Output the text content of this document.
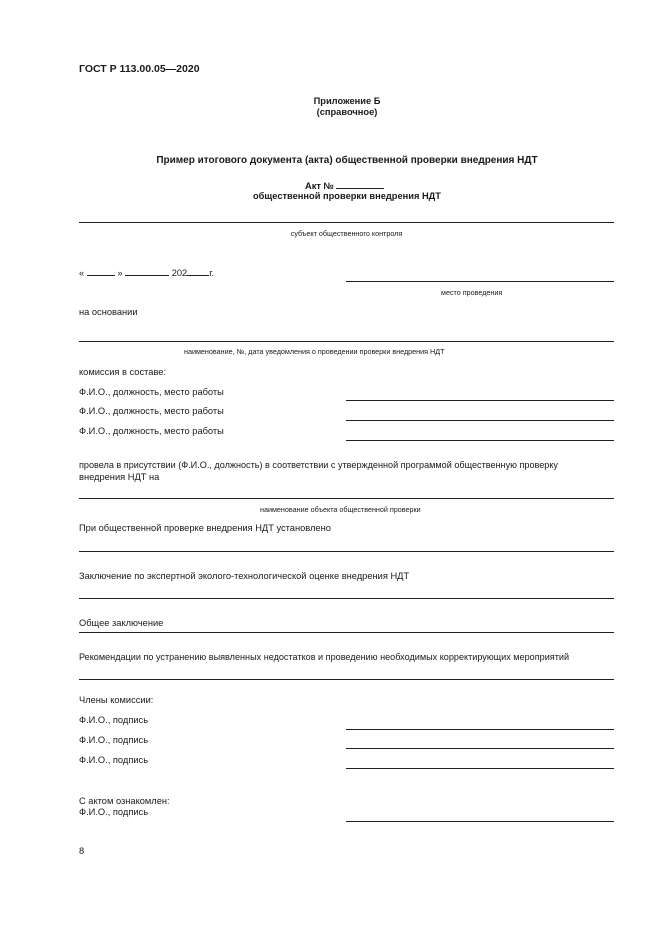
ГОСТ Р 113.00.05—2020
Приложение Б
(справочное)
Пример итогового документа (акта) общественной проверки внедрения НДТ
Акт №
общественной проверки внедрения НДТ
субъект общественного контроля
«	»	202 г.
место проведения
на основании
наименование, №, дата уведомления о проведении проверки внедрения НДТ
комиссия в составе:
Ф.И.О., должность, место работы
Ф.И.О., должность, место работы
Ф.И.О., должность, место работы
провела в присутствии (Ф.И.О., должность) в соответствии с утвержденной программой общественную проверку
внедрения НДТ на
наименование объекта общественной проверки
При общественной проверке внедрения НДТ установлено
Заключение по экспертной эколого-технологической оценке внедрения НДТ
Общее заключение
Рекомендации по устранению выявленных недостатков и проведению необходимых корректирующих мероприятий
Члены комиссии:
Ф.И.О., подпись
Ф.И.О., подпись
Ф.И.О., подпись
С актом ознакомлен:
Ф.И.О., подпись
8
